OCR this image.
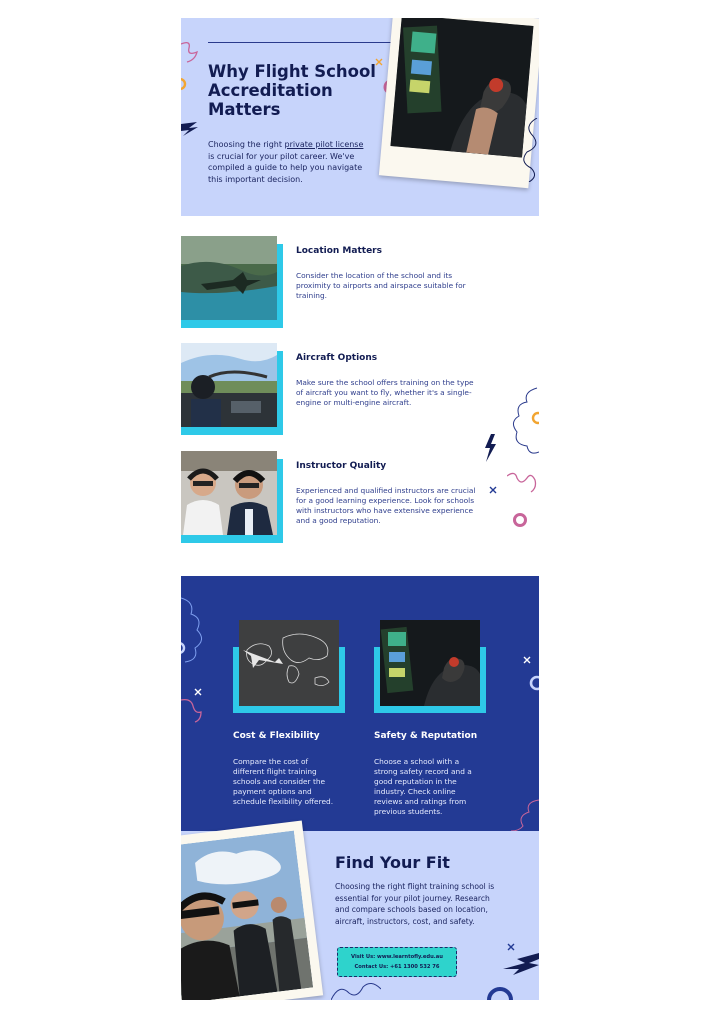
Why Flight School Accreditation Matters

Choosing the right private pilot license is crucial for your pilot career. We've compiled a guide to help you navigate this important decision.

Location Matters

Consider the location of the school and its proximity to airports and airspace suitable for training.

Aircraft Options

Make sure the school offers training on the type of aircraft you want to fly, whether it's a single-engine or multi-engine aircraft.

Instructor Quality

Experienced and qualified instructors are crucial for a good learning experience. Look for schools with instructors who have extensive experience and a good reputation.

Cost & Flexibility

Compare the cost of different flight training schools and consider the payment options and schedule flexibility offered.

Safety & Reputation

Choose a school with a strong safety record and a good reputation in the industry. Check online reviews and ratings from previous students.

Find Your Fit

Choosing the right flight training school is essential for your pilot journey. Research and compare schools based on location, aircraft, instructors, cost, and safety.

Visit Us: www.learntofly.edu.au
Contact Us: +61 1300 532 76
